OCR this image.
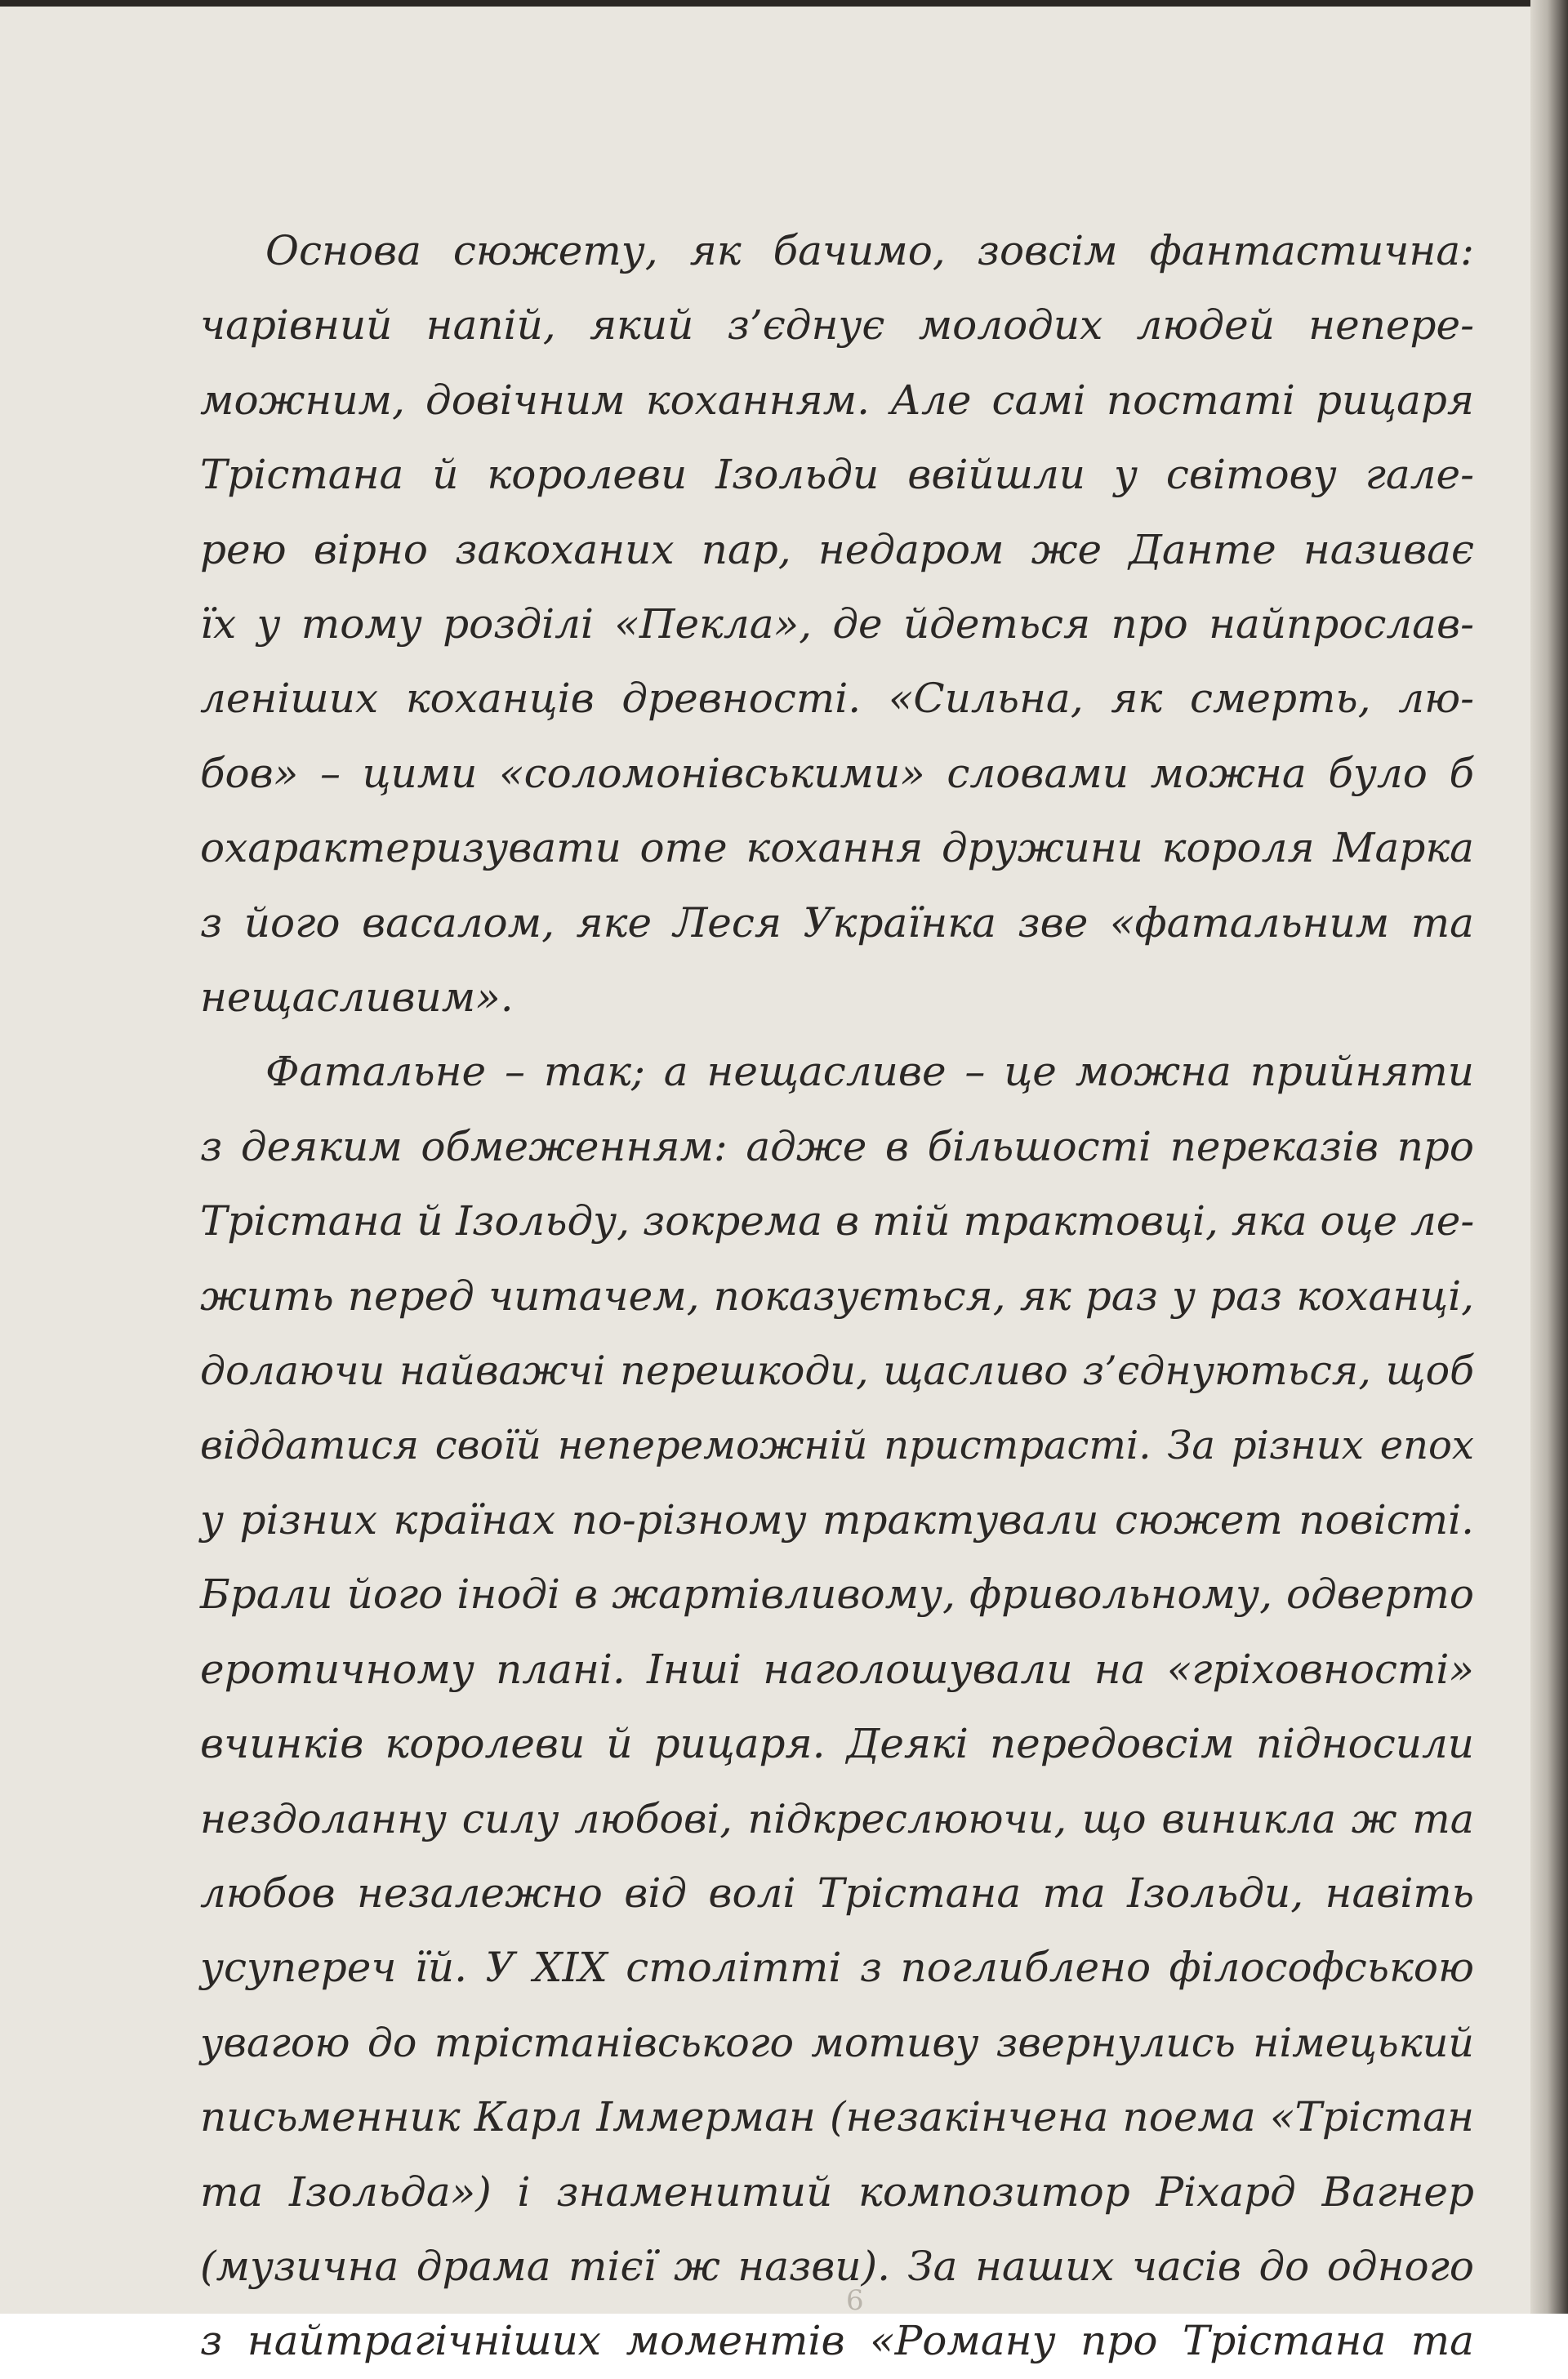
Основа сюжету, як бачимо, зовсім фантастична:
чарівний напій, який з’єднує молодих людей непере-
можним, довічним коханням. Але самі постаті рицаря
Трістана й королеви Ізольди ввійшли у світову гале-
рею вірно закоханих пар, недаром же Данте називає
їх у тому розділі «Пекла», де йдеться про найпрослав-
леніших коханців древності. «Сильна, як смерть, лю-
бов» – цими «соломонівськими» словами можна було б
охарактеризувати оте кохання дружини короля Марка
з його васалом, яке Леся Українка зве «фатальним та
нещасливим».

Фатальне – так; а нещасливе – це можна прийняти
з деяким обмеженням: адже в більшості переказів про
Трістана й Ізольду, зокрема в тій трактовці, яка оце ле-
жить перед читачем, показується, як раз у раз коханці,
долаючи найважчі перешкоди, щасливо з’єднуються, щоб
віддатися своїй непереможній пристрасті. За різних епох
у різних країнах по-різному трактували сюжет повісті.
Брали його іноді в жартівливому, фривольному, одверто
еротичному плані. Інші наголошували на «гріховності»
вчинків королеви й рицаря. Деякі передовсім підносили
нездоланну силу любові, підкреслюючи, що виникла ж та
любов незалежно від волі Трістана та Ізольди, навіть
усупереч їй. У XIX столітті з поглиблено філософською
увагою до трістанівського мотиву звернулись німецький
письменник Карл Іммерман (незакінчена поема «Трістан
та Ізольда») і знаменитий композитор Ріхард Вагнер
(музична драма тієї ж назви). За наших часів до одного
з найтрагічніших моментів «Роману про Трістана та

6
